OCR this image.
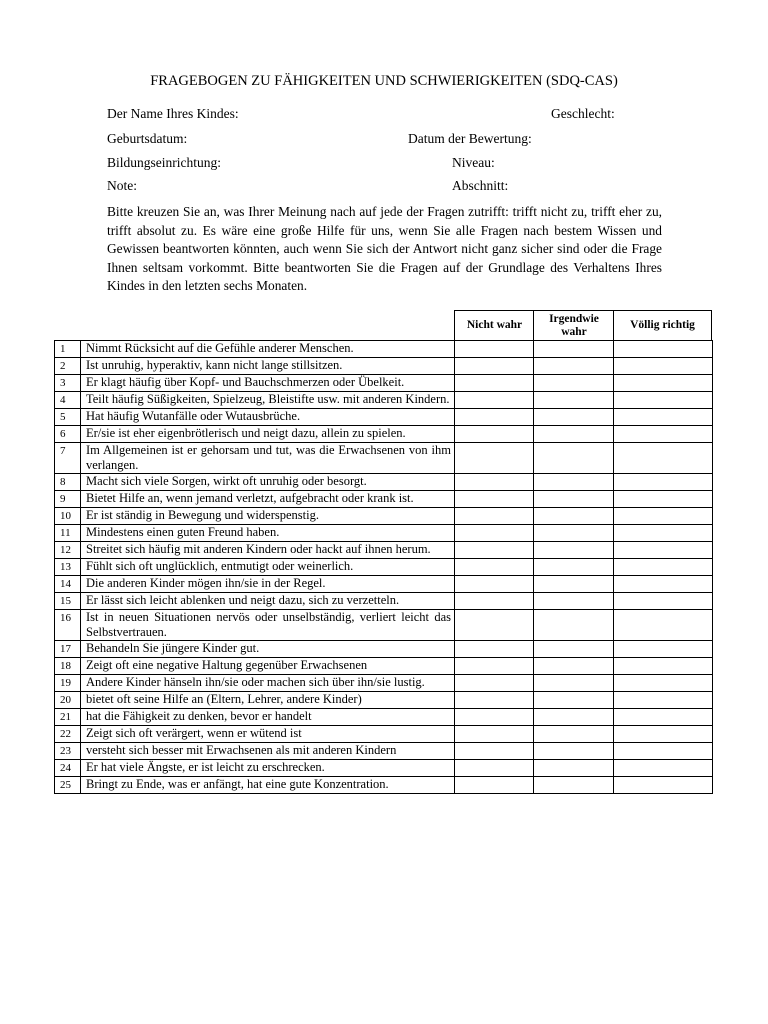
FRAGEBOGEN ZU FÄHIGKEITEN UND SCHWIERIGKEITEN (SDQ-CAS)
Der Name Ihres Kindes:	Geschlecht:
Geburtsdatum:	Datum der Bewertung:
Bildungseinrichtung:	Niveau:
Note:	Abschnitt:
Bitte kreuzen Sie an, was Ihrer Meinung nach auf jede der Fragen zutrifft: trifft nicht zu, trifft eher zu, trifft absolut zu. Es wäre eine große Hilfe für uns, wenn Sie alle Fragen nach bestem Wissen und Gewissen beantworten könnten, auch wenn Sie sich der Antwort nicht ganz sicher sind oder die Frage Ihnen seltsam vorkommt. Bitte beantworten Sie die Fragen auf der Grundlage des Verhaltens Ihres Kindes in den letzten sechs Monaten.
Nicht wahr
Irgendwie wahr
Völlig richtig
1	Nimmt Rücksicht auf die Gefühle anderer Menschen.			
2	Ist unruhig, hyperaktiv, kann nicht lange stillsitzen.			
3	Er klagt häufig über Kopf- und Bauchschmerzen oder Übelkeit.			
4	Teilt häufig Süßigkeiten, Spielzeug, Bleistifte usw. mit anderen Kindern.			
5	Hat häufig Wutanfälle oder Wutausbrüche.			
6	Er/sie ist eher eigenbrötlerisch und neigt dazu, allein zu spielen.			
7	Im Allgemeinen ist er gehorsam und tut, was die Erwachsenen von ihm verlangen.			
8	Macht sich viele Sorgen, wirkt oft unruhig oder besorgt.			
9	Bietet Hilfe an, wenn jemand verletzt, aufgebracht oder krank ist.			
10	Er ist ständig in Bewegung und widerspenstig.			
11	Mindestens einen guten Freund haben.			
12	Streitet sich häufig mit anderen Kindern oder hackt auf ihnen herum.			
13	Fühlt sich oft unglücklich, entmutigt oder weinerlich.			
14	Die anderen Kinder mögen ihn/sie in der Regel.			
15	Er lässt sich leicht ablenken und neigt dazu, sich zu verzetteln.			
16	Ist in neuen Situationen nervös oder unselbständig, verliert leicht das Selbstvertrauen.			
17	Behandeln Sie jüngere Kinder gut.			
18	Zeigt oft eine negative Haltung gegenüber Erwachsenen			
19	Andere Kinder hänseln ihn/sie oder machen sich über ihn/sie lustig.			
20	bietet oft seine Hilfe an (Eltern, Lehrer, andere Kinder)			
21	hat die Fähigkeit zu denken, bevor er handelt			
22	Zeigt sich oft verärgert, wenn er wütend ist			
23	versteht sich besser mit Erwachsenen als mit anderen Kindern			
24	Er hat viele Ängste, er ist leicht zu erschrecken.			
25	Bringt zu Ende, was er anfängt, hat eine gute Konzentration.			
